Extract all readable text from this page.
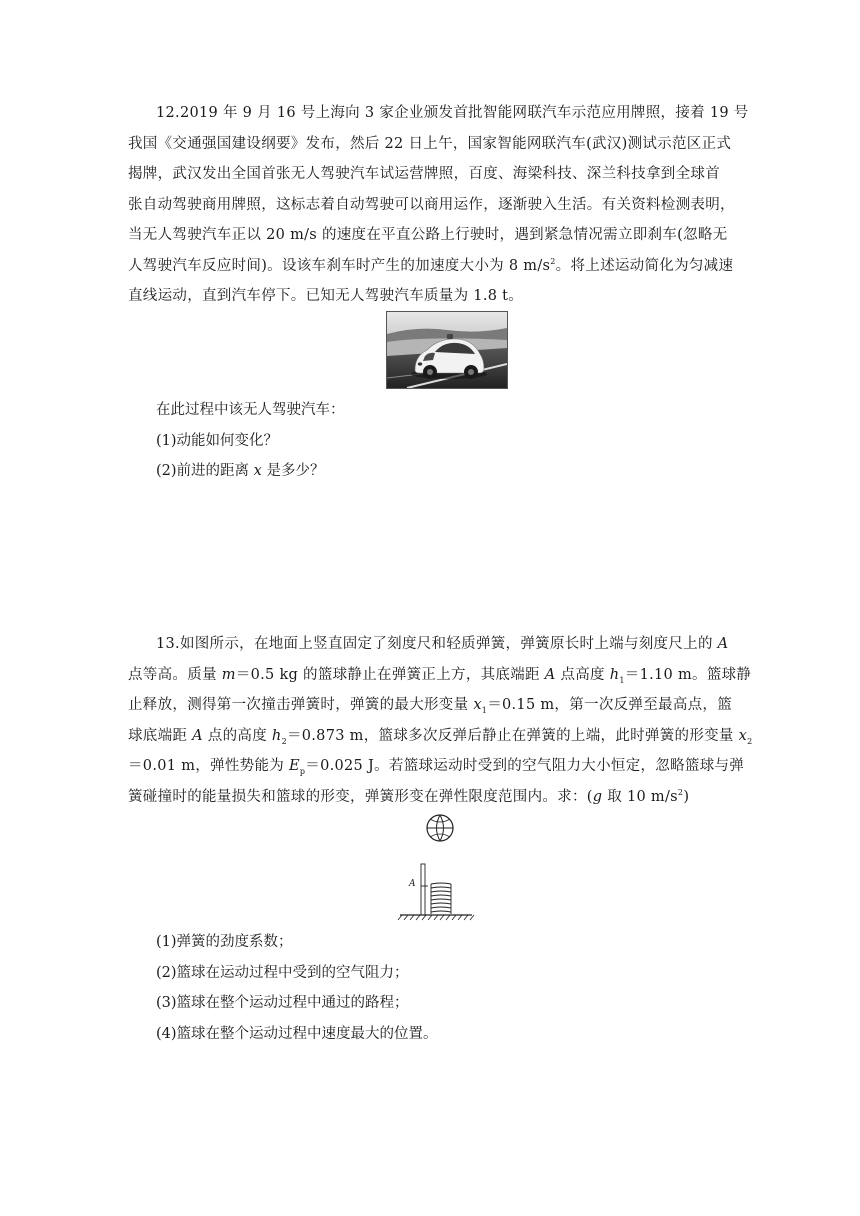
12.2019 年 9 月 16 号上海向 3 家企业颁发首批智能网联汽车示范应用牌照，接着 19 号
我国《交通强国建设纲要》发布，然后 22 日上午，国家智能网联汽车(武汉)测试示范区正式
揭牌，武汉发出全国首张无人驾驶汽车试运营牌照，百度、海梁科技、深兰科技拿到全球首
张自动驾驶商用牌照，这标志着自动驾驶可以商用运作，逐渐驶入生活。有关资料检测表明，
当无人驾驶汽车正以 20 m/s 的速度在平直公路上行驶时，遇到紧急情况需立即刹车(忽略无
人驾驶汽车反应时间)。设该车刹车时产生的加速度大小为 8 $m/s^2$。将上述运动简化为匀减速
直线运动，直到汽车停下。已知无人驾驶汽车质量为 1.8 t。
在此过程中该无人驾驶汽车：
(1)动能如何变化？
(2)前进的距离 x 是多少？
13.如图所示，在地面上竖直固定了刻度尺和轻质弹簧，弹簧原长时上端与刻度尺上的 A
点等高。质量 m＝0.5 kg 的篮球静止在弹簧正上方，其底端距 A 点高度 $h_1=1.10$ m。篮球静
止释放，测得第一次撞击弹簧时，弹簧的最大形变量 $x_1=0.15$ m，第一次反弹至最高点，篮
球底端距 A 点的高度 $h_2=0.873$ m，篮球多次反弹后静止在弹簧的上端，此时弹簧的形变量 $x_2$
＝0.01 m，弹性势能为 $E_p=0.025$ J。若篮球运动时受到的空气阻力大小恒定，忽略篮球与弹
簧碰撞时的能量损失和篮球的形变，弹簧形变在弹性限度范围内。求：(g 取 10 $m/s^2$)
A
(1)弹簧的劲度系数；
(2)篮球在运动过程中受到的空气阻力；
(3)篮球在整个运动过程中通过的路程；
(4)篮球在整个运动过程中速度最大的位置。
